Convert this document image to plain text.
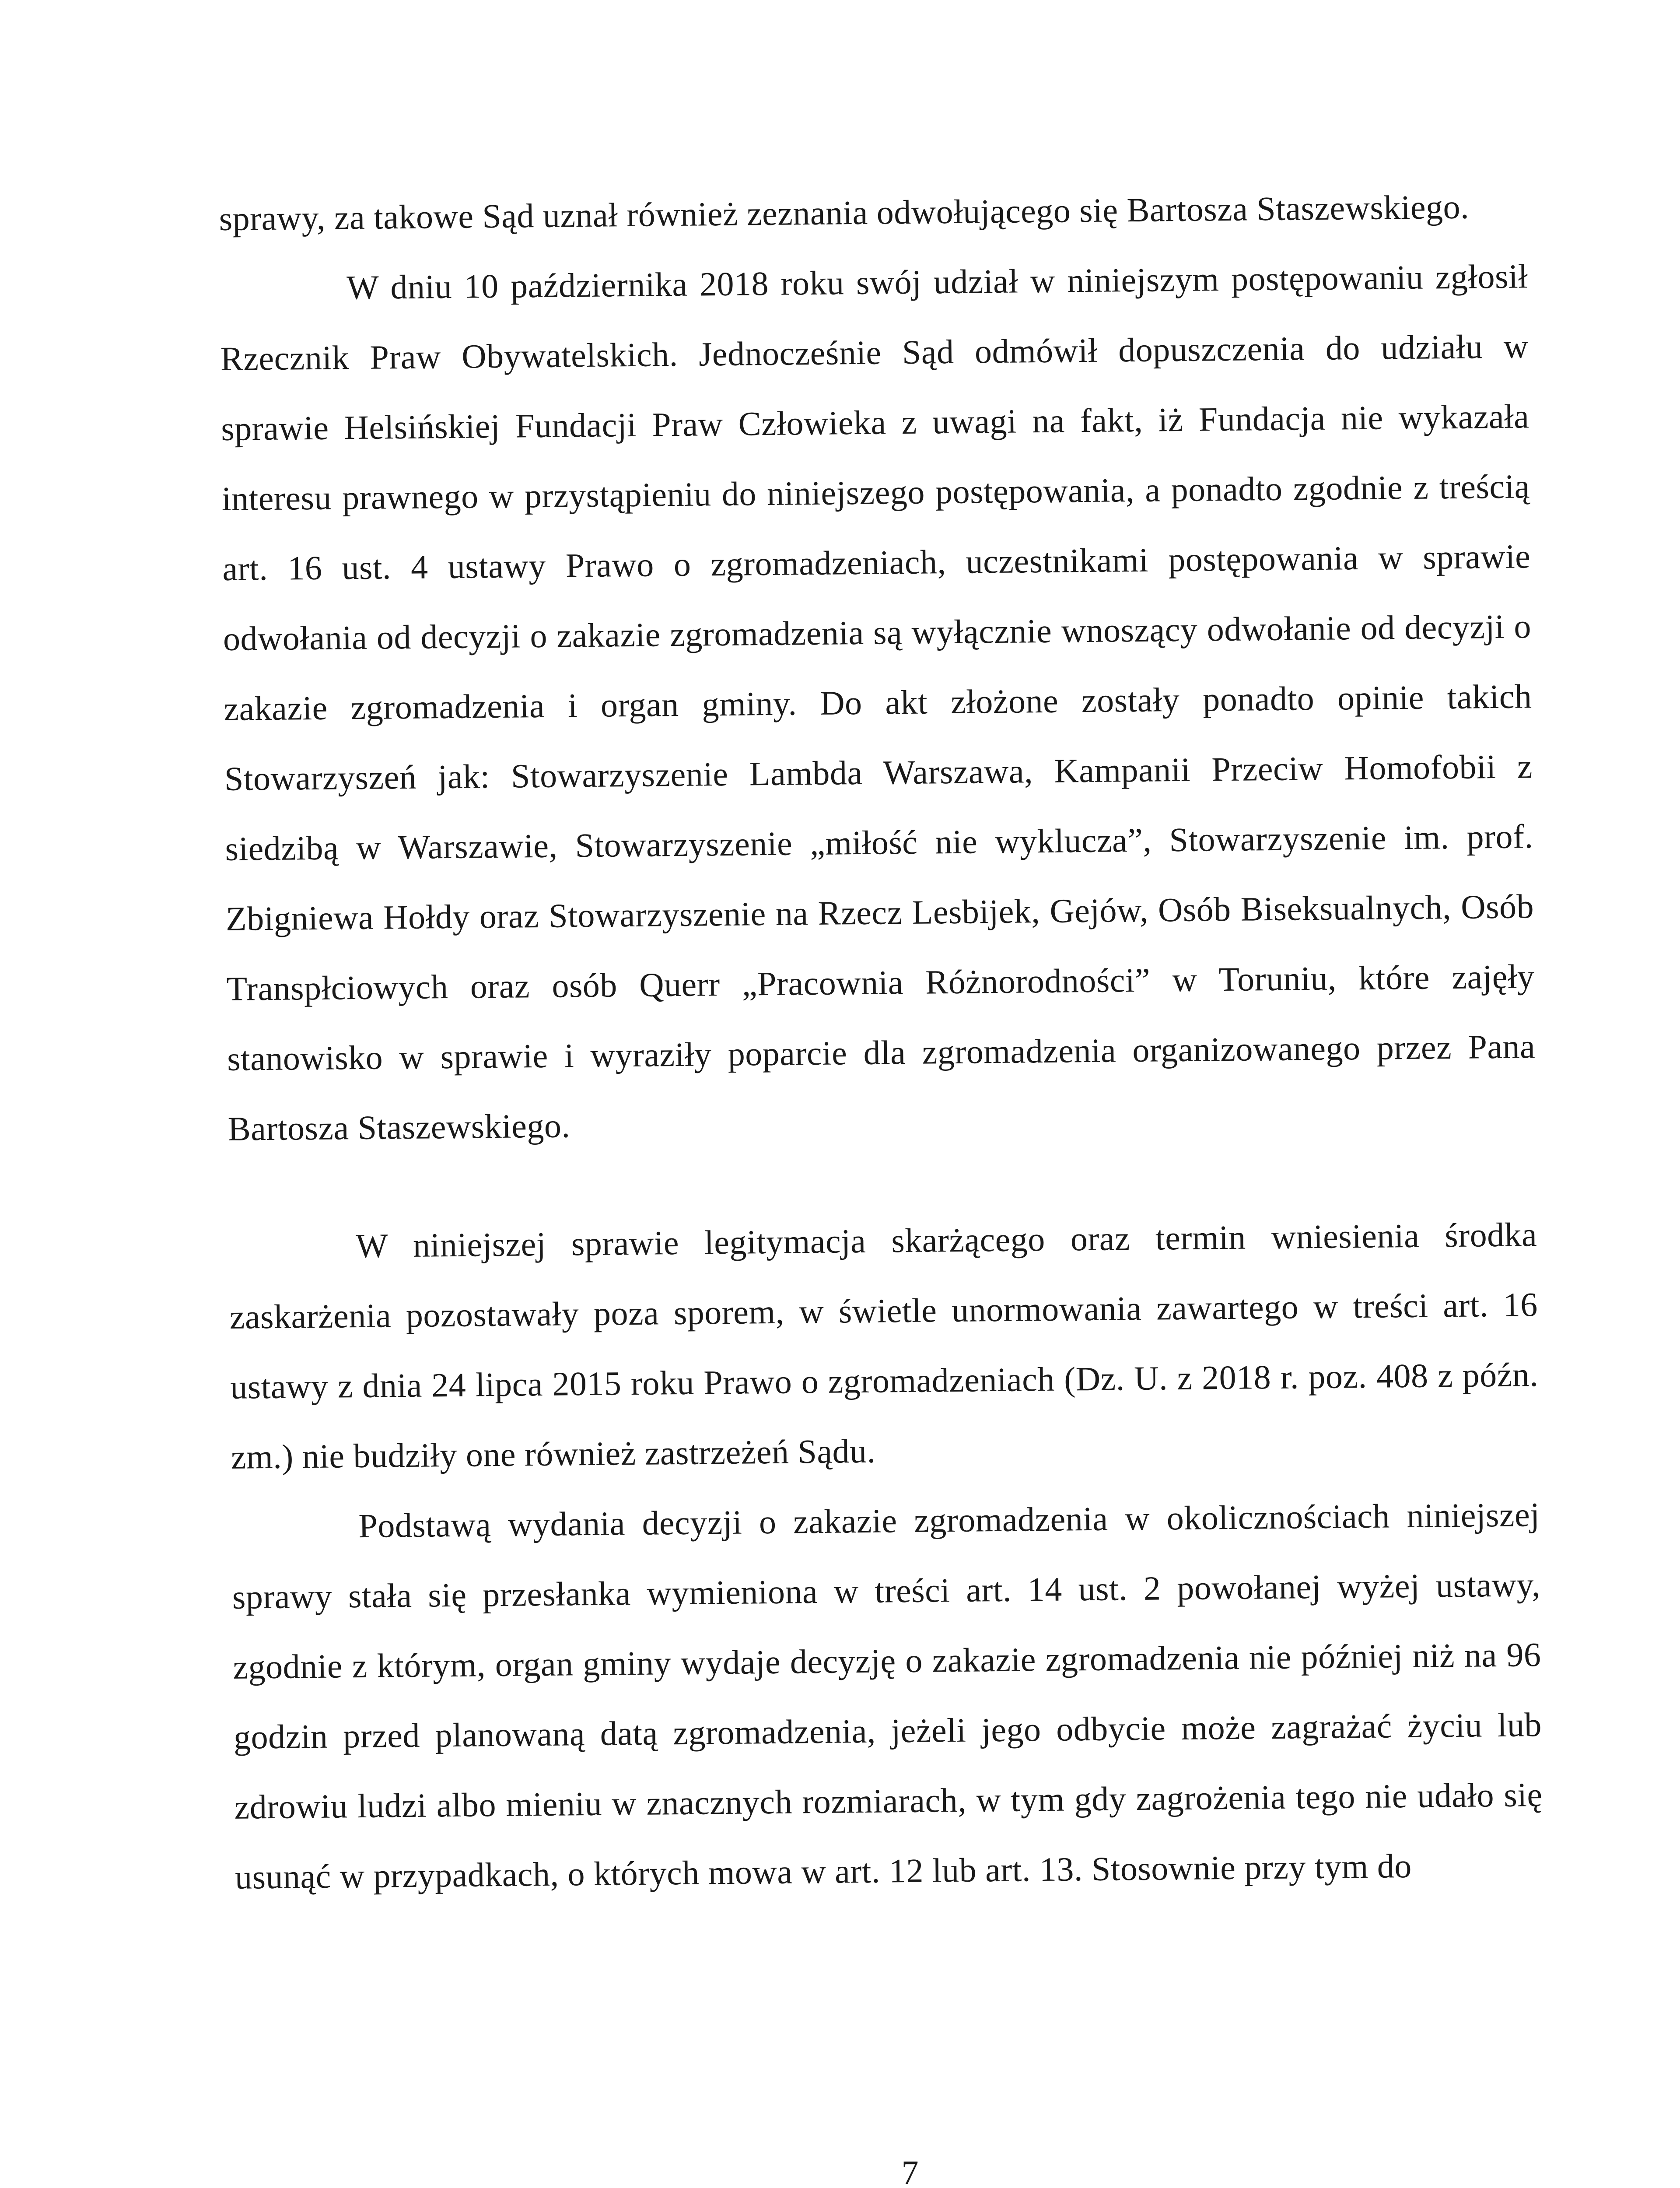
sprawy, za takowe Sąd uznał również zeznania odwołującego się Bartosza Staszewskiego.

W dniu 10 października 2018 roku swój udział w niniejszym postępowaniu zgłosił Rzecznik Praw Obywatelskich. Jednocześnie Sąd odmówił dopuszczenia do udziału w sprawie Helsińskiej Fundacji Praw Człowieka z uwagi na fakt, iż Fundacja nie wykazała interesu prawnego w przystąpieniu do niniejszego postępowania, a ponadto zgodnie z treścią art. 16 ust. 4 ustawy Prawo o zgromadzeniach, uczestnikami postępowania w sprawie odwołania od decyzji o zakazie zgromadzenia są wyłącznie wnoszący odwołanie od decyzji o zakazie zgromadzenia i organ gminy. Do akt złożone zostały ponadto opinie takich Stowarzyszeń jak: Stowarzyszenie Lambda Warszawa, Kampanii Przeciw Homofobii z siedzibą w Warszawie, Stowarzyszenie „miłość nie wyklucza”, Stowarzyszenie im. prof. Zbigniewa Hołdy oraz Stowarzyszenie na Rzecz Lesbijek, Gejów, Osób Biseksualnych, Osób Transpłciowych oraz osób Querr „Pracownia Różnorodności” w Toruniu, które zajęły stanowisko w sprawie i wyraziły poparcie dla zgromadzenia organizowanego przez Pana Bartosza Staszewskiego.

W niniejszej sprawie legitymacja skarżącego oraz termin wniesienia środka zaskarżenia pozostawały poza sporem, w świetle unormowania zawartego w treści art. 16 ustawy z dnia 24 lipca 2015 roku Prawo o zgromadzeniach (Dz. U. z 2018 r. poz. 408 z późn. zm.) nie budziły one również zastrzeżeń Sądu.

Podstawą wydania decyzji o zakazie zgromadzenia w okolicznościach niniejszej sprawy stała się przesłanka wymieniona w treści art. 14 ust. 2 powołanej wyżej ustawy, zgodnie z którym, organ gminy wydaje decyzję o zakazie zgromadzenia nie później niż na 96 godzin przed planowaną datą zgromadzenia, jeżeli jego odbycie może zagrażać życiu lub zdrowiu ludzi albo mieniu w znacznych rozmiarach, w tym gdy zagrożenia tego nie udało się usunąć w przypadkach, o których mowa w art. 12 lub art. 13. Stosownie przy tym do

7
